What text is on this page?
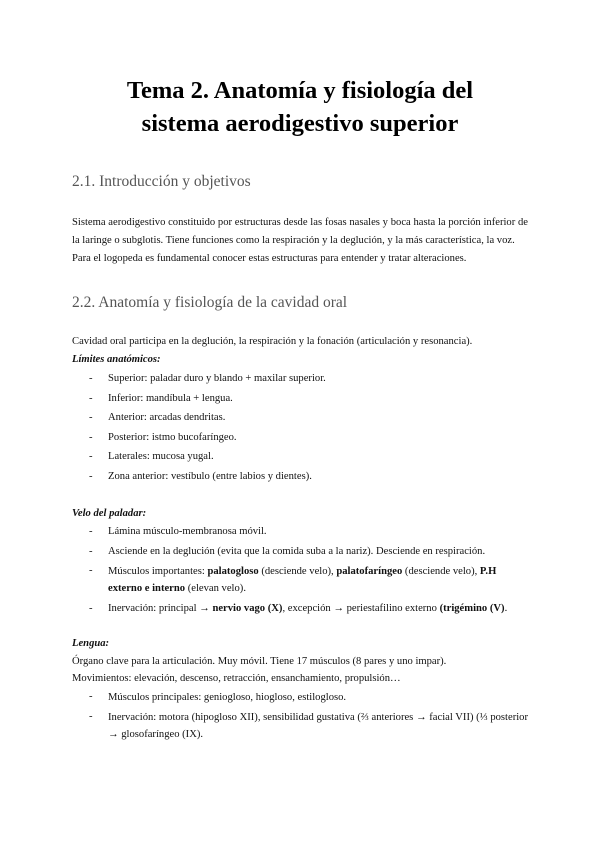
Tema 2. Anatomía y fisiología del
sistema aerodigestivo superior
2.1. Introducción y objetivos

Sistema aerodigestivo constituido por estructuras desde las fosas nasales y boca hasta la porción inferior de la laringe o subglotis. Tiene funciones como la respiración y la deglución, y la más característica, la voz.

Para el logopeda es fundamental conocer estas estructuras para entender y tratar alteraciones.

2.2. Anatomía y fisiología de la cavidad oral

Cavidad oral participa en la deglución, la respiración y la fonación (articulación y resonancia).

Límites anatómicos:
- Superior: paladar duro y blando + maxilar superior.
- Inferior: mandíbula + lengua.
- Anterior: arcadas dendritas.
- Posterior: istmo bucofaríngeo.
- Laterales: mucosa yugal.
- Zona anterior: vestíbulo (entre labios y dientes).
Velo del paladar:
- Lámina músculo-membranosa móvil.
- Asciende en la deglución (evita que la comida suba a la nariz). Desciende en respiración.
- Músculos importantes: palatogloso (desciende velo), palatofaríngeo (desciende velo), P.H externo e interno (elevan velo).
- Inervación: principal → nervio vago (X), excepción → periestafilino externo (trigémino (V).
Lengua:

Órgano clave para la articulación. Muy móvil. Tiene 17 músculos (8 pares y uno impar).

Movimientos: elevación, descenso, retracción, ensanchamiento, propulsión…

- Músculos principales: geniogloso, hiogloso, estilogloso.
- Inervación: motora (hipogloso XII), sensibilidad gustativa (⅔ anteriores → facial VII) (⅓ posterior → glosofaríngeo (IX).
